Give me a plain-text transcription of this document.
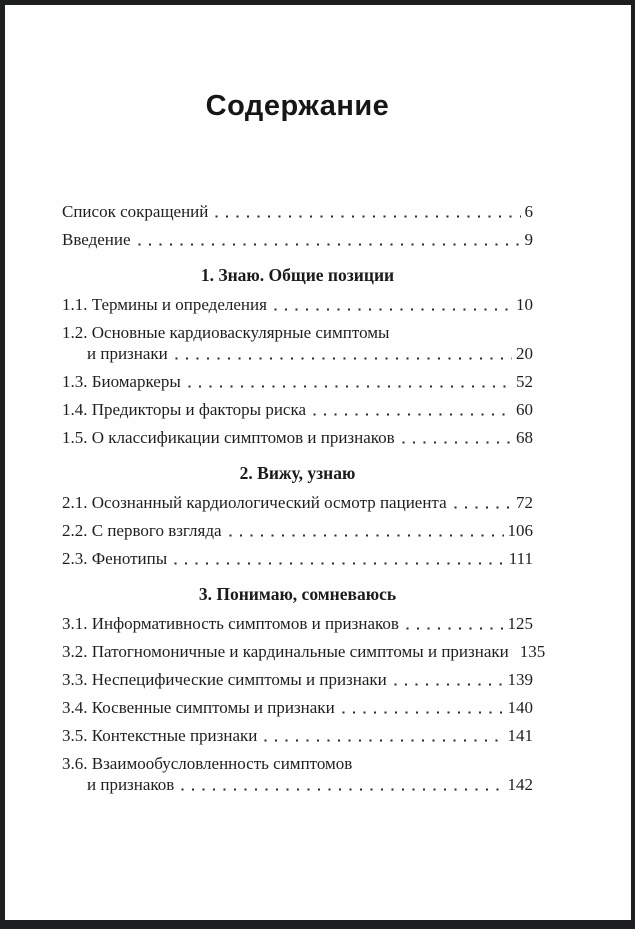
Содержание
Список сокращений	6
Введение	9
1. Знаю. Общие позиции
1.1. Термины и определения	10
1.2. Основные кардиоваскулярные симптомы
и признаки	20
1.3. Биомаркеры	52
1.4. Предикторы и факторы риска	60
1.5. О классификации симптомов и признаков	68
2. Вижу, узнаю
2.1. Осознанный кардиологический осмотр пациента	72
2.2. С первого взгляда	106
2.3. Фенотипы	111
3. Понимаю, сомневаюсь
3.1. Информативность симптомов и признаков	125
3.2. Патогномоничные и кардинальные симптомы и признаки 135
3.3. Неспецифические симптомы и признаки	139
3.4. Косвенные симптомы и признаки	140
3.5. Контекстные признаки	141
3.6. Взаимообусловленность симптомов
и признаков	142
